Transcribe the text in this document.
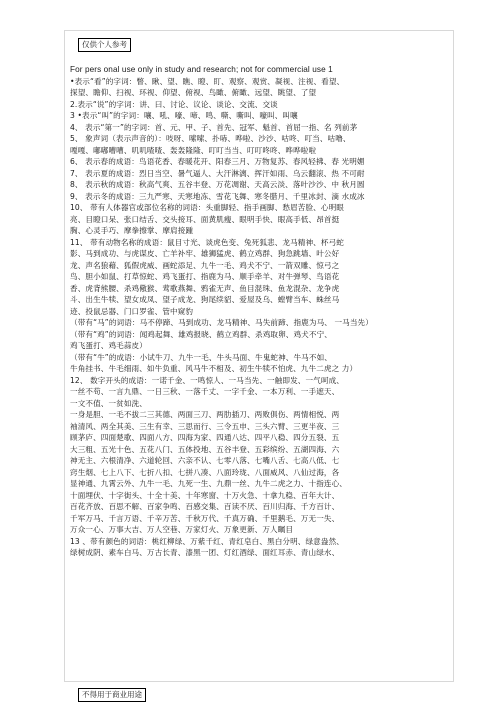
仅供个人参考
For pers onal use only in study and research; not for commercial use 1
•表示“看”的字词：瞥、瞅、望、瞧、瞪、盯、观察、观赏、凝视、注视、看望、
探望、瞻仰、扫视、环视、仰望、俯视、鸟瞰、俯瞰、远望、眺望、了望
2.表示“说”的字词：讲、曰、讨论、议论、谈论、交流、交谈
3 •表示“叫”的字词：嚷、吼、嚎、啼、鸣、嘶、嘶叫、嚎叫、叫嚷
4、 表示“第一”的字词：首、元、甲、子、首先、冠军、魁首、首屈一指、名 列前茅
5、 象声词（表示声音的）：吱呀、嗦嗦、扑哧、哗啦、沙沙、咕咚、叮当、咕噜、
嘎嘎、嘟嘟嘈嘈、叽叽喳喳、轰轰隆隆、叮叮当当、叮叮咚咚、哗哗啦啦
6、 表示春的成语：鸟语花香、春暖花开、阳春三月、万物复苏、春风轻拂、春 光明媚
7、 表示夏的成语：烈日当空、暑气逼人、大汗淋漓、挥汗如雨、乌云翻滚、热 不可耐
8、 表示秋的成语：秋高气爽、五谷丰登、万花凋谢、天高云淡、落叶沙沙、中 秋月圆
9、 表示冬的成语：三九严寒、天寒地冻、雪花飞舞、寒冬腊月、千里冰封、滴 水成冰
10、 带有人体器官或部位名称的词语：头重脚轻、指手画脚、愁眉苦脸、心明眼
亮、目瞪口呆、张口结舌、交头接耳、面黄肌瘦、眼明手快、眼高手低、昂首挺
胸、心灵手巧、摩拳擦掌、摩肩接踵
11、 带有动物名称的成语：鼠目寸光、谈虎色变、兔死狐悲、龙马精神、杯弓蛇
影、马到成功、与虎谋皮、亡羊补牢、雄狮猛虎、鹤立鸡群、狗急跳墙、叶公好
龙、声名狼藉、狐假虎威、画蛇添足、九牛一毛、鸡犬不宁、一箭双雕、惊弓之
鸟、胆小如鼠、打草惊蛇、鸡飞蛋打、指鹿为马、顺手牵羊、对牛弹琴、鸟语花
香、虎背熊腰、杀鸡儆猴、莺歌燕舞、鸦雀无声、鱼目混珠、鱼龙混杂、龙争虎
斗、出生牛犊、望女成凤、望子成龙、狗尾续貂、爱屋及乌、螳臂当车、蛛丝马
迹、投鼠忌器、门口罗雀、管中窥豹
（带有“马”的词语：马不停蹄、马到成功、龙马精神、马失前蹄、指鹿为马、 一马当先）
（带有“鸡”的词语：闻鸡起舞、雄鸡报晓、鹤立鸡群、杀鸡取卵、鸡犬不宁、
鸡飞蛋打、鸡毛蒜皮）
（带有“牛”的成语：小试牛刀、九牛一毛、牛头马面、牛鬼蛇神、牛马不如、
牛角挂书、牛毛细雨、如牛负重、风马牛不相及、初生牛犊不怕虎、九牛二虎之 力）
12、 数字开头的成语：一诺千金、一鸣惊人、一马当先、一触即发、一气呵成、
一丝不苟、一言九鼎、一日三秋、一落千丈、一字千金、一本万利、一手遮天、
一文不值、一贫如洗、
一身是胆、一毛不拔二三其德、两面三刀、两肋插刀、两败俱伤、两情相悦、两
袖清风、两全其美、三生有幸、三思而行、三令五申、三头六臂、三更半夜、三
顾茅庐、四面楚歌、四面八方、四海为家、四通八达、四平八稳、四分五裂、五
大三粗、五光十色、五花八门、五体投地、五谷丰登、五彩缤纷、五湖四海、六
神无主、六根清净、六道轮回、六亲不认、七零八落、七嘴八舌、七高八低、七
窍生烟、七上八下、七折八扣、七拼八凑、八面玲珑、八面威风、八仙过海，各
显神通、九霄云外、九牛一毛、九死一生、九鼎一丝、九牛二虎之力、十指连心、
十面埋伏、十字街头、十全十美、十年寒窗、十万火急、十拿九稳、百年大计、
百花齐放、百思不解、百家争鸣、百感交集、百读不厌、百川归海、千方百计、
千军万马、千言万语、千辛万苦、千秋万代、千真万确、千里鹅毛、万无一失、
万众一心、万事大吉、万人空巷、万家灯火、万象更新、万人瞩目
13 、带有颜色的词语：桃红柳绿、万紫千红、青红皂白、黑白分明、绿意盎然、
绿树成阴、素车白马、万古长青、漆黑一团、灯红酒绿、面红耳赤、青山绿水、
不得用于商业用途
